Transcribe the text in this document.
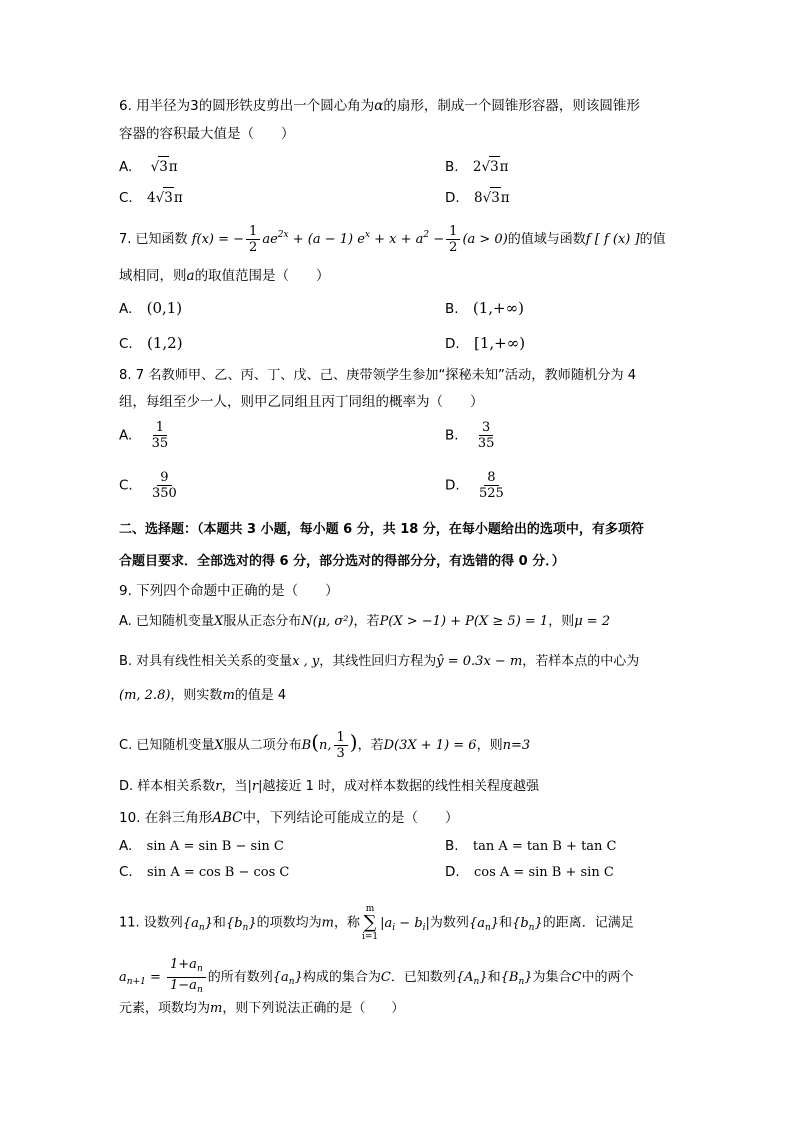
6. 用半径为3的圆形铁皮剪出一个圆心角为α的扇形，制成一个圆锥形容器，则该圆锥形
容器的容积最大值是（　　）
A. √3π	B. 2√3π
C. 4√3π	D. 8√3π
7. 已知函数 f(x) = − $\frac{1}{2} ae^{2x} + (a - 1) e^x + x + a^2 - \frac{1}{2} (a > 0)$的值域与函数f [ f (x) ]的值
域相同，则a的取值范围是（　　）
A. (0,1)	B. (1,+∞)
C. (1,2)	D. [1,+∞)
8. 7 名教师甲、乙、丙、丁、戊、己、庚带领学生参加“探秘未知”活动，教师随机分为 4
组，每组至少一人，则甲乙同组且丙丁同组的概率为（　　）
A. $\frac{1}{35}$	B. $\frac{3}{35}$
C. $\frac{9}{350}$	D. $\frac{8}{525}$
二、选择题：（本题共 3 小题，每小题 6 分，共 18 分，在每小题给出的选项中，有多项符
合题目要求．全部选对的得 6 分，部分选对的得部分分，有选错的得 0 分．）
9. 下列四个命题中正确的是（　　）
A. 已知随机变量X服从正态分布N(μ, σ²)，若P(X > −1) + P(X ≥ 5) = 1，则μ = 2
B. 对具有线性相关关系的变量x , y，其线性回归方程为ŷ = 0.3x − m，若样本点的中心为
(m, 2.8)，则实数m的值是 4
C. 已知随机变量X服从二项分布B(n, $\frac{1}{3}$ )，若D(3X + 1) = 6，则n=3
D. 样本相关系数r，当|r|越接近 1 时，成对样本数据的线性相关程度越强
10. 在斜三角形ABC中，下列结论可能成立的是（　　）
A. sin A = sin B − sin C	B. tan A = tan B + tan C
C. sin A = cos B − cos C	D. cos A = sin B + sin C
11. 设数列$\{a_n\}$和$\{b_n\}$的项数均为m，称
m
∑
i=1
$|a_i - b_i|$为数列$\{a_n\}$和$\{b_n\}$的距离．记满足
$a_{n+1} = \frac{1+a_n}{1-a_n}$ 的所有数列$\{a_n\}$构成的集合为C．已知数列$\{A_n\}$和$\{B_n\}$为集合C中的两个
元素，项数均为m，则下列说法正确的是（　　）
